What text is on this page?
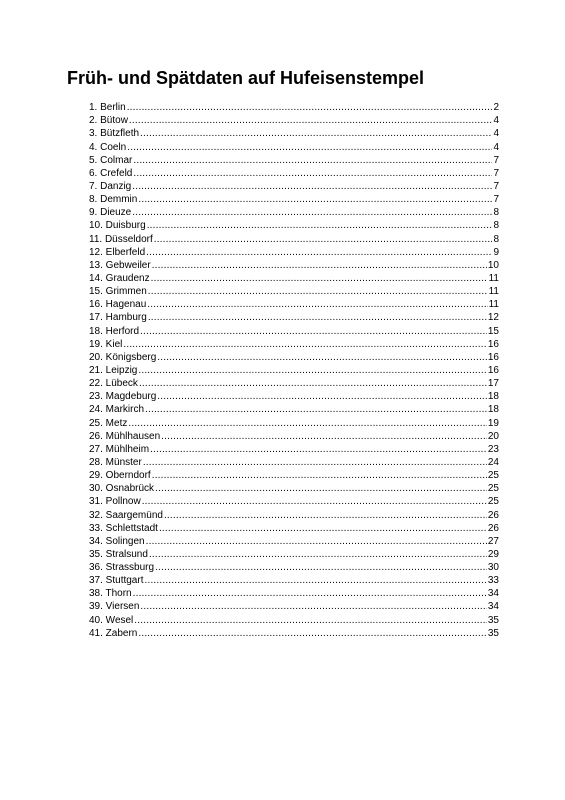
Früh- und Spätdaten auf Hufeisenstempel
1. Berlin .....	2
2. Bütow .....	4
3. Bützfleth .....	4
4. Coeln .....	4
5. Colmar .....	7
6. Crefeld .....	7
7. Danzig .....	7
8. Demmin .....	7
9. Dieuze .....	8
10. Duisburg .....	8
11. Düsseldorf .....	8
12. Elberfeld .....	9
13. Gebweiler .....	10
14. Graudenz .....	11
15. Grimmen .....	11
16. Hagenau .....	11
17. Hamburg .....	12
18. Herford .....	15
19. Kiel .....	16
20. Königsberg .....	16
21. Leipzig .....	16
22. Lübeck .....	17
23. Magdeburg .....	18
24. Markirch .....	18
25. Metz .....	19
26. Mühlhausen .....	20
27. Mühlheim .....	23
28. Münster .....	24
29. Oberndorf .....	25
30. Osnabrück .....	25
31. Pollnow .....	25
32. Saargemünd .....	26
33. Schlettstadt .....	26
34. Solingen .....	27
35. Stralsund .....	29
36. Strassburg .....	30
37. Stuttgart .....	33
38. Thorn .....	34
39. Viersen .....	34
40. Wesel .....	35
41. Zabern .....	35
